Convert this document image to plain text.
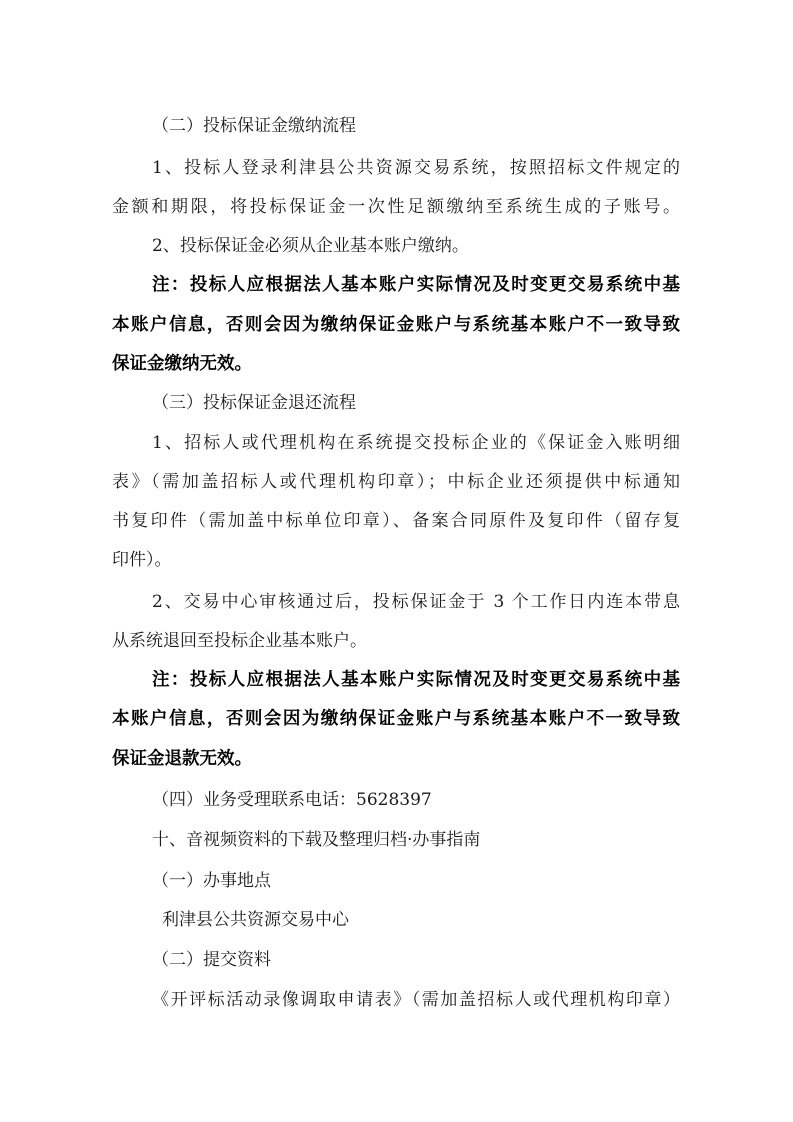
（二）投标保证金缴纳流程
1、投标人登录利津县公共资源交易系统，按照招标文件规定的
金额和期限，将投标保证金一次性足额缴纳至系统生成的子账号。
2、投标保证金必须从企业基本账户缴纳。
注：投标人应根据法人基本账户实际情况及时变更交易系统中基
本账户信息，否则会因为缴纳保证金账户与系统基本账户不一致导致
保证金缴纳无效。
（三）投标保证金退还流程
1、招标人或代理机构在系统提交投标企业的《保证金入账明细
表》（需加盖招标人或代理机构印章）；中标企业还须提供中标通知
书复印件（需加盖中标单位印章）、备案合同原件及复印件（留存复
印件）。
2、交易中心审核通过后，投标保证金于 3 个工作日内连本带息
从系统退回至投标企业基本账户。
注：投标人应根据法人基本账户实际情况及时变更交易系统中基
本账户信息，否则会因为缴纳保证金账户与系统基本账户不一致导致
保证金退款无效。
（四）业务受理联系电话：5628397
十、音视频资料的下载及整理归档·办事指南
（一）办事地点
利津县公共资源交易中心
（二）提交资料
《开评标活动录像调取申请表》（需加盖招标人或代理机构印章）
